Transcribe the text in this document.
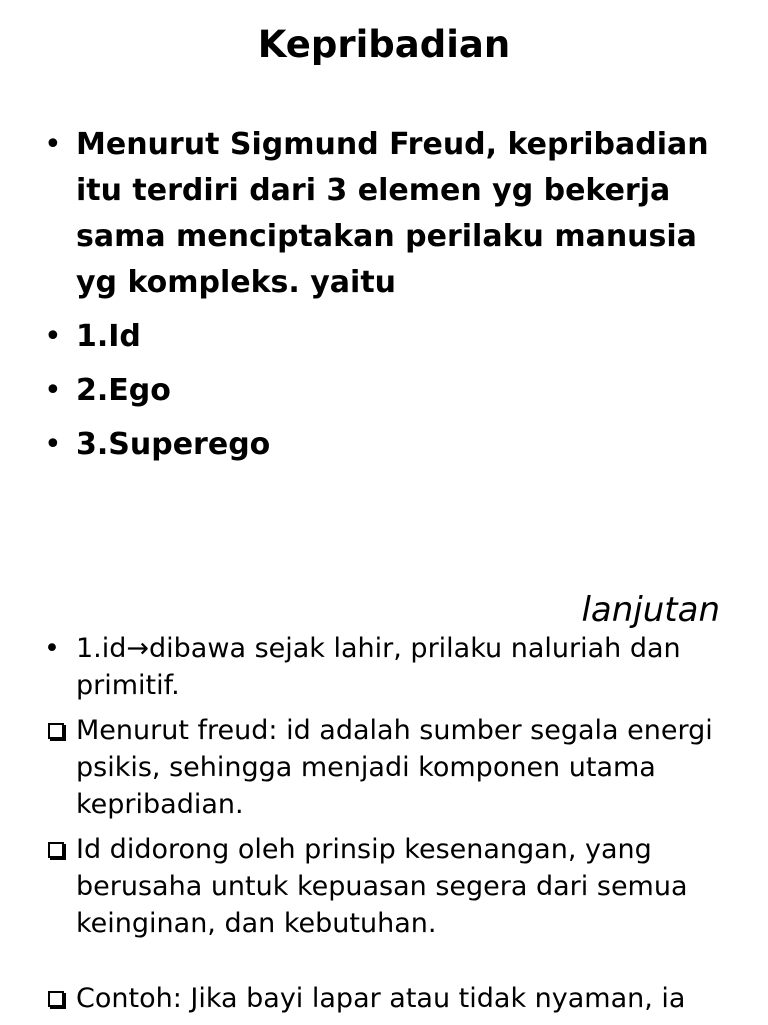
Kepribadian
• Menurut Sigmund Freud, kepribadian itu terdiri dari 3 elemen yg bekerja sama menciptakan perilaku manusia yg kompleks. yaitu
• 1.Id
• 2.Ego
• 3.Superego
lanjutan
• 1.id→dibawa sejak lahir, prilaku naluriah dan primitif.
Menurut freud: id adalah sumber segala energi psikis, sehingga menjadi komponen utama kepribadian.
Id didorong oleh prinsip kesenangan, yang berusaha untuk kepuasan segera dari semua keinginan, dan kebutuhan.
Contoh: Jika bayi lapar atau tidak nyaman, ia
